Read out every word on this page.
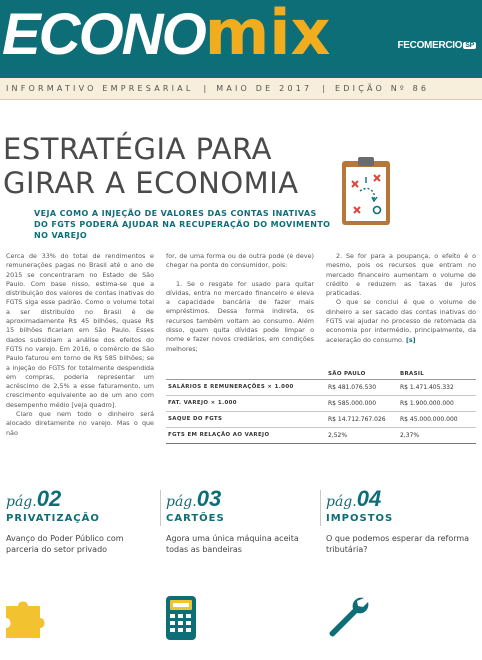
ECONOmix	FECOMERCIO SP
INFORMATIVO EMPRESARIAL | MAIO DE 2017 | EDIÇÃO Nº 86
ESTRATÉGIA PARA
GIRAR A ECONOMIA
VEJA COMO A INJEÇÃO DE VALORES DAS CONTAS INATIVAS DO FGTS PODERÁ AJUDAR NA RECUPERAÇÃO DO MOVIMENTO NO VAREJO

Cerca de 33% do total de rendimentos e remunerações pagas no Brasil até o ano de 2015 se concentraram no Estado de São Paulo. Com base nisso, estima-se que a distribuição dos valores de contas inativas do FGTS siga esse padrão. Como o volume total a ser distribuído no Brasil é de aproximadamente R$ 45 bilhões, quase R$ 15 bilhões ficariam em São Paulo. Esses dados subsidiam a análise dos efeitos do FGTS no varejo. Em 2016, o comércio de São Paulo faturou em torno de R$ 585 bilhões; se a injeção do FGTS for totalmente despendida em compras, poderia representar um acréscimo de 2,5% a esse faturamento, um crescimento equivalente ao de um ano com desempenho médio [veja quadro].

Claro que nem todo o dinheiro será alocado diretamente no varejo. Mas o que não

for, de uma forma ou de outra pode (e deve) chegar na ponta do consumidor, pois:

1. Se o resgate for usado para quitar dívidas, entra no mercado financeiro e eleva a capacidade bancária de fazer mais empréstimos. Dessa forma indireta, os recursos também voltam ao consumo. Além disso, quem quita dívidas pode limpar o nome e fazer novos crediários, em condições melhores;

2. Se for para a poupança, o efeito é o mesmo, pois os recursos que entram no mercado financeiro aumentam o volume de crédito e reduzem as taxas de juros praticadas.

O que se conclui é que o volume de dinheiro a ser sacado das contas inativas do FGTS vai ajudar no processo de retomada da economia por intermédio, principalmente, da aceleração do consumo. [s]

	SÃO PAULO	BRASIL
SALÁRIOS E REMUNERAÇÕES × 1.000	R$ 481.076.530	R$ 1.471.405.332
FAT. VAREJO × 1.000	R$ 585.000.000	R$ 1.900.000.000
SAQUE DO FGTS	R$ 14.712.767.026	R$ 45.000.000.000
FGTS EM RELAÇÃO AO VAREJO	2,52%	2,37%
pág.02
PRIVATIZAÇÃO
Avanço do Poder Público com parceria do setor privado
pág.03
CARTÕES
Agora uma única máquina aceita todas as bandeiras
pág.04
IMPOSTOS
O que podemos esperar da reforma tributária?
